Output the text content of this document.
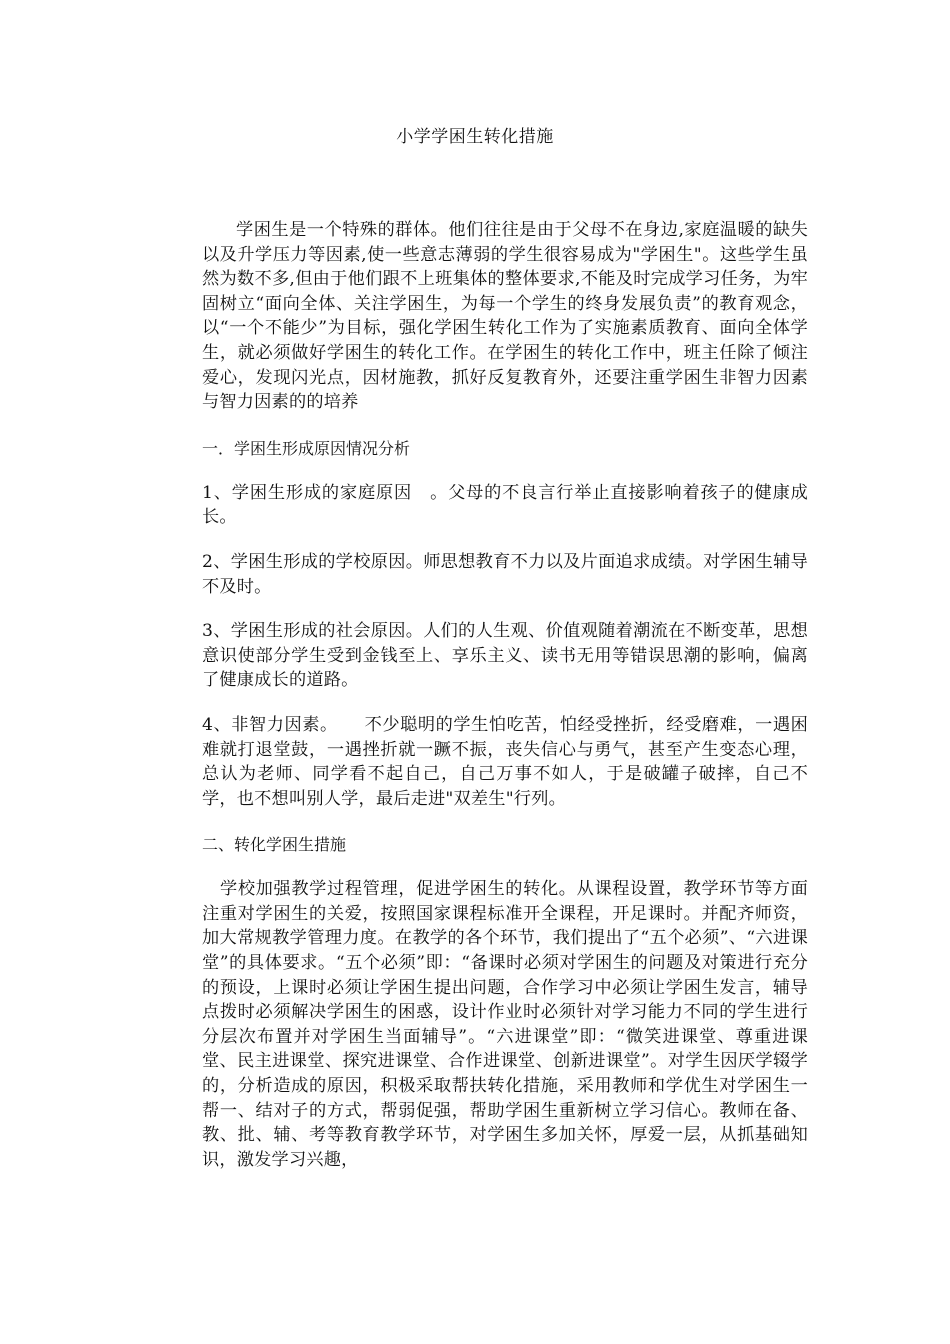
小学学困生转化措施

学困生是一个特殊的群体。他们往往是由于父母不在身边,家庭温暖的缺失以及升学压力等因素,使一些意志薄弱的学生很容易成为"学困生"。这些学生虽然为数不多,但由于他们跟不上班集体的整体要求,不能及时完成学习任务，为牢固树立“面向全体、关注学困生，为每一个学生的终身发展负责”的教育观念，以“一个不能少”为目标，强化学困生转化工作为了实施素质教育、面向全体学生，就必须做好学困生的转化工作。在学困生的转化工作中，班主任除了倾注爱心，发现闪光点，因材施教，抓好反复教育外，还要注重学困生非智力因素与智力因素的的培养

一．学困生形成原因情况分析

1、学困生形成的家庭原因　。父母的不良言行举止直接影响着孩子的健康成长。

2、学困生形成的学校原因。师思想教育不力以及片面追求成绩。对学困生辅导不及时。

3、学困生形成的社会原因。人们的人生观、价值观随着潮流在不断变革，思想意识使部分学生受到金钱至上、享乐主义、读书无用等错误思潮的影响，偏离了健康成长的道路。

4、非智力因素。　　不少聪明的学生怕吃苦，怕经受挫折，经受磨难，一遇困难就打退堂鼓，一遇挫折就一蹶不振，丧失信心与勇气，甚至产生变态心理，总认为老师、同学看不起自己，自己万事不如人，于是破罐子破摔，自己不学，也不想叫别人学，最后走进"双差生"行列。

二、转化学困生措施

学校加强教学过程管理，促进学困生的转化。从课程设置，教学环节等方面注重对学困生的关爱，按照国家课程标准开全课程，开足课时。并配齐师资，加大常规教学管理力度。在教学的各个环节，我们提出了“五个必须”、“六进课堂”的具体要求。“五个必须”即：“备课时必须对学困生的问题及对策进行充分的预设，上课时必须让学困生提出问题，合作学习中必须让学困生发言，辅导点拨时必须解决学困生的困惑，设计作业时必须针对学习能力不同的学生进行分层次布置并对学困生当面辅导”。“六进课堂”即：“微笑进课堂、尊重进课堂、民主进课堂、探究进课堂、合作进课堂、创新进课堂”。对学生因厌学辍学的，分析造成的原因，积极采取帮扶转化措施，采用教师和学优生对学困生一帮一、结对子的方式，帮弱促强，帮助学困生重新树立学习信心。教师在备、教、批、辅、考等教育教学环节，对学困生多加关怀，厚爱一层，从抓基础知识，激发学习兴趣，
